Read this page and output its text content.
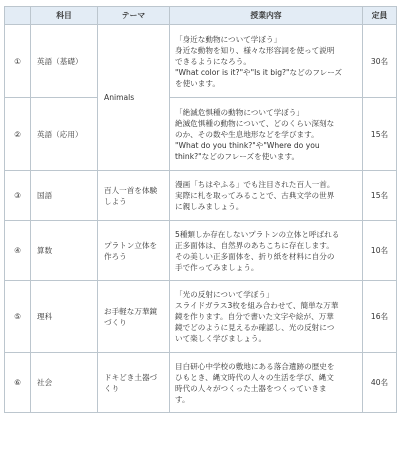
	科目	テーマ	授業内容	定員
①	英語（基礎）	Animals	「身近な動物について学ぼう」
身近な動物を知り、様々な形容詞を使って説明
できるようになろう。
"What color is it?"や"Is it big?"などのフレーズ
を使います。	30名
②	英語（応用）		「絶滅危惧種の動物について学ぼう」
絶滅危惧種の動物について、どのくらい深刻な
のか、その数や生息地形などを学びます。
"What do you think?"や"Where do you
think?"などのフレーズを使います。	15名
③	国語	百人一首を体験
しよう	漫画「ちはやふる」でも注目された百人一首。
実際に札を取ってみることで、古典文学の世界
に親しみましょう。	15名
④	算数	プラトン立体を
作ろう	5種類しか存在しないプラトンの立体と呼ばれる
正多面体は、自然界のあちこちに存在します。
その美しい正多面体を、折り紙を材料に自分の
手で作ってみましょう。	10名
⑤	理科	お手軽な万華鏡
づくり	「光の反射について学ぼう」
スライドガラス3枚を組み合わせて、簡単な万華
鏡を作ります。自分で書いた文字や絵が、万華
鏡でどのように見えるか確認し、光の反射につ
いて楽しく学びましょう。	16名
⑥	社会	ドキどき土器づ
くり	目白研心中学校の敷地にある落合遺跡の歴史を
ひもとき、縄文時代の人々の生活を学び、縄文
時代の人々がつくった土器をつくっていきま
す。	40名
